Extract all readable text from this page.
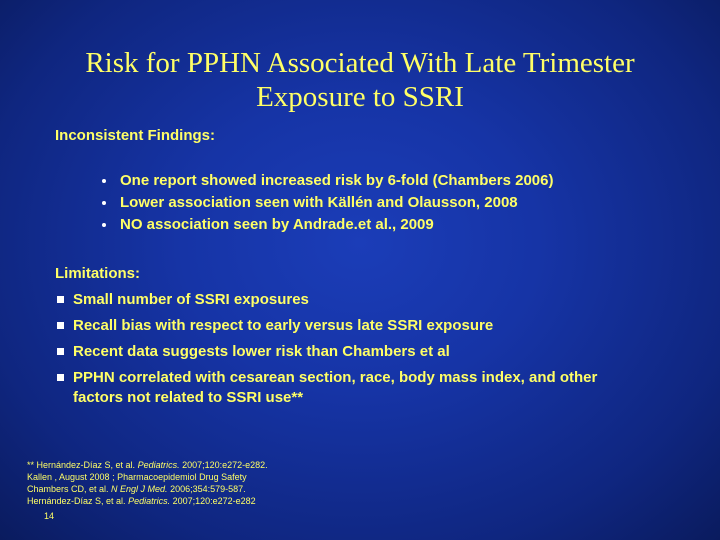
Risk for PPHN Associated With Late Trimester
Exposure to SSRI
Inconsistent Findings:
One report showed increased risk by 6-fold (Chambers 2006)
Lower association seen with Källén and Olausson, 2008
NO association seen by Andrade.et al., 2009
Limitations:
Small number of SSRI exposures
Recall bias with respect to early versus late SSRI exposure
Recent data suggests lower risk than Chambers et al
PPHN correlated with cesarean section, race, body mass index, and other factors not related to SSRI use**
** Hernández-Díaz S, et al. Pediatrics. 2007;120:e272-e282.
Kallen , August 2008 ; Pharmacoepidemiol Drug Safety
Chambers CD, et al. N Engl J Med. 2006;354:579-587.
Hernández-Díaz S, et al. Pediatrics. 2007;120:e272-e282
14
